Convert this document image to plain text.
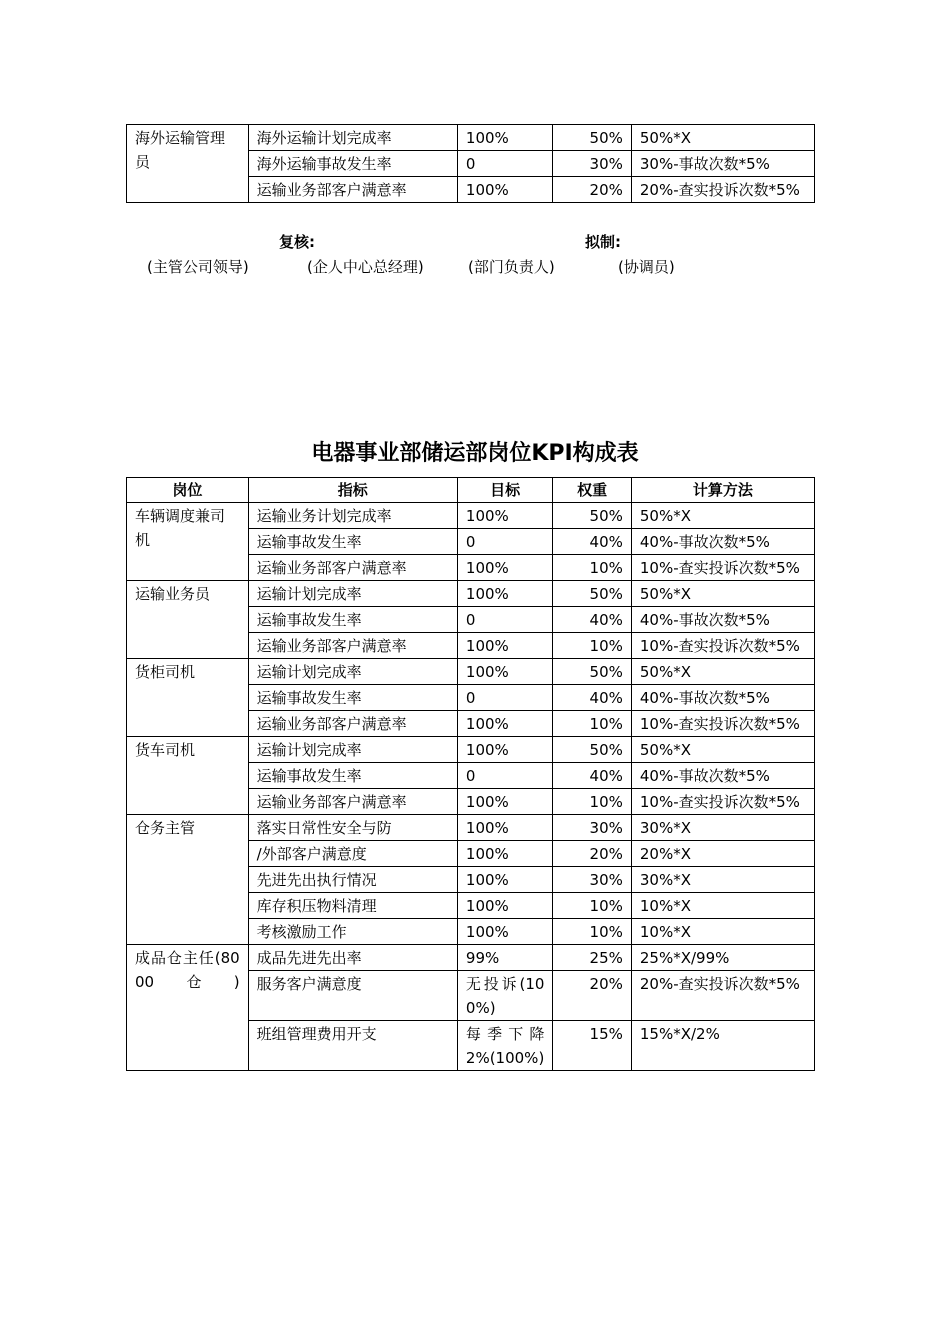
海外运输管理员	海外运输计划完成率	100%	50%	50%*X
	海外运输事故发生率	0	30%	30%-事故次数*5%
	运输业务部客户满意率	100%	20%	20%-查实投诉次数*5%
复核:	拟制:
(主管公司领导)	(企人中心总经理)	(部门负责人)	(协调员)
电器事业部储运部岗位KPI构成表
岗位	指标	目标	权重	计算方法
车辆调度兼司机	运输业务计划完成率	100%	50%	50%*X
	运输事故发生率	0	40%	40%-事故次数*5%
	运输业务部客户满意率	100%	10%	10%-查实投诉次数*5%
运输业务员	运输计划完成率	100%	50%	50%*X
	运输事故发生率	0	40%	40%-事故次数*5%
	运输业务部客户满意率	100%	10%	10%-查实投诉次数*5%
货柜司机	运输计划完成率	100%	50%	50%*X
	运输事故发生率	0	40%	40%-事故次数*5%
	运输业务部客户满意率	100%	10%	10%-查实投诉次数*5%
货车司机	运输计划完成率	100%	50%	50%*X
	运输事故发生率	0	40%	40%-事故次数*5%
	运输业务部客户满意率	100%	10%	10%-查实投诉次数*5%
仓务主管	落实日常性安全与防	100%	30%	30%*X
	/外部客户满意度	100%	20%	20%*X
	先进先出执行情况	100%	30%	30%*X
	库存积压物料清理	100%	10%	10%*X
	考核激励工作	100%	10%	10%*X
成品仓主任(8000仓)	成品先进先出率	99%	25%	25%*X/99%
	服务客户满意度	无投诉(100%)	20%	20%-查实投诉次数*5%
	班组管理费用开支	每季下降2%(100%)	15%	15%*X/2%
